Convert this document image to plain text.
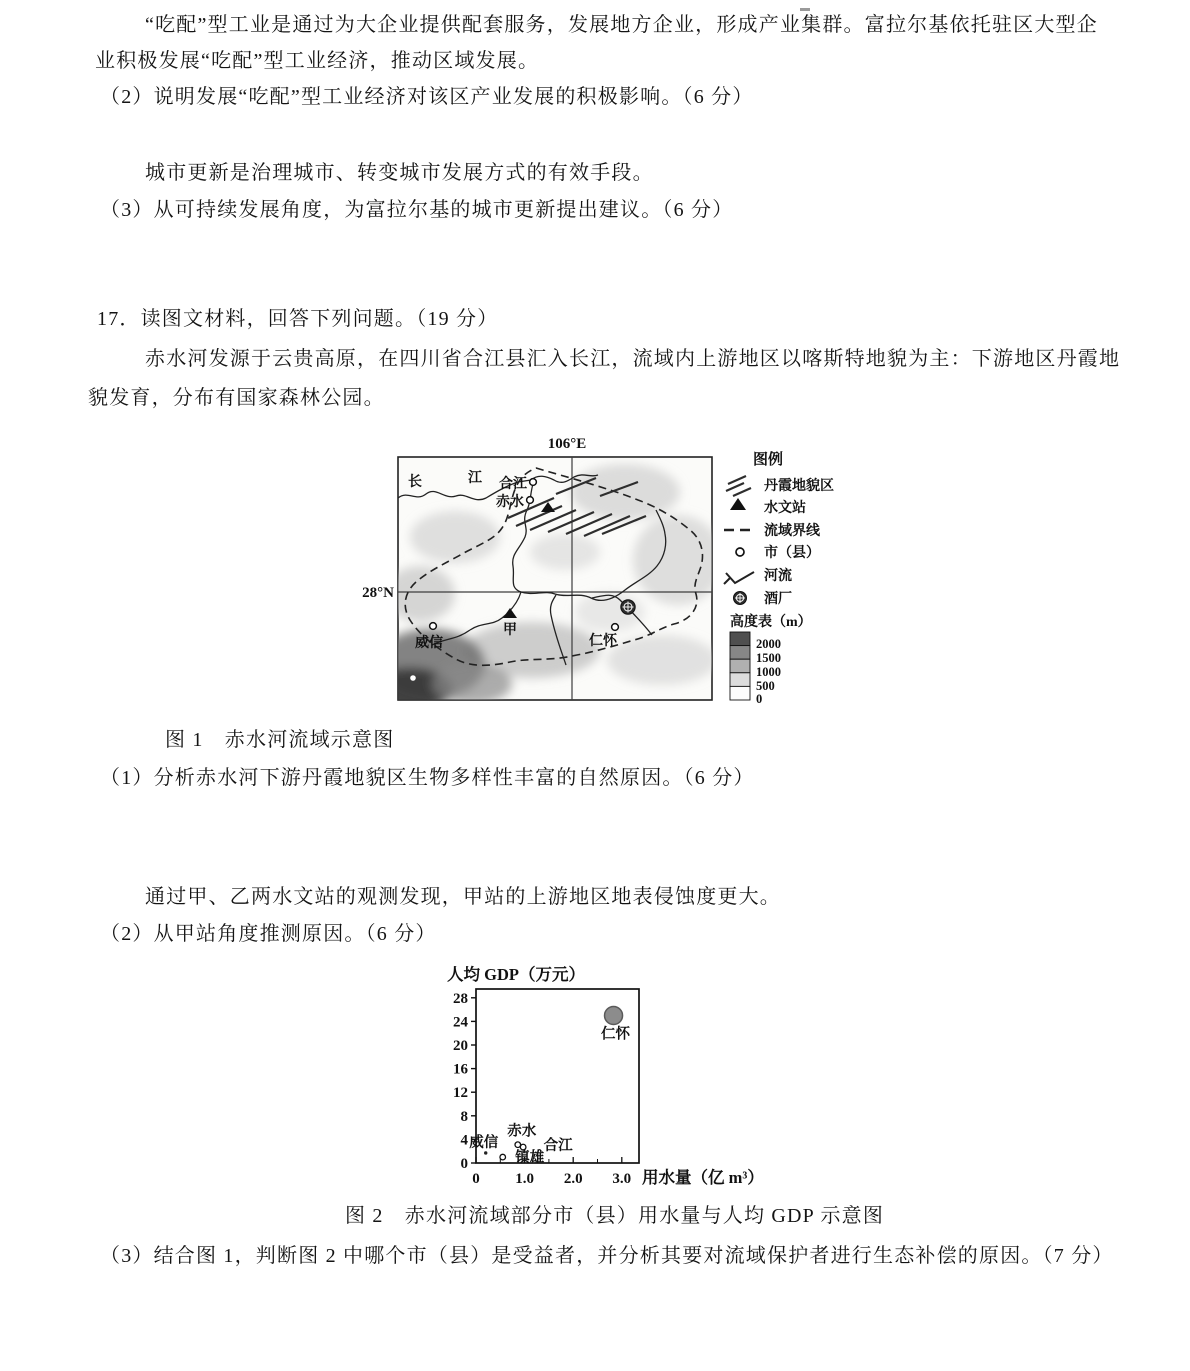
“吃配”型工业是通过为大企业提供配套服务，发展地方企业，形成产业集群。富拉尔基依托驻区大型企
业积极发展“吃配”型工业经济，推动区域发展。
（2）说明发展“吃配”型工业经济对该区产业发展的积极影响。（6 分）
城市更新是治理城市、转变城市发展方式的有效手段。
（3）从可持续发展角度，为富拉尔基的城市更新提出建议。（6 分）
17．读图文材料，回答下列问题。（19 分）
赤水河发源于云贵高原，在四川省合江县汇入长江，流域内上游地区以喀斯特地貌为主：下游地区丹霞地
貌发育，分布有国家森林公园。
106°E
28°N
长	江 合江
赤水
甲
威信	仁怀
图例
丹霞地貌区
水文站
流域界线
市（县）
河流
酒厂
高度表（m）
2000
1500
1000
500
0
图 1　赤水河流域示意图
（1）分析赤水河下游丹霞地貌区生物多样性丰富的自然原因。（6 分）
通过甲、乙两水文站的观测发现，甲站的上游地区地表侵蚀度更大。
（2）从甲站角度推测原因。（6 分）
人均 GDP（万元）
用水量（亿 m³）
0
4
8
12
16
20
24
28
0 1.0 2.0 3.0
仁怀
赤水
合江
威信
镇雄
图 2　赤水河流域部分市（县）用水量与人均 GDP 示意图
（3）结合图 1，判断图 2 中哪个市（县）是受益者，并分析其要对流域保护者进行生态补偿的原因。（7 分）
